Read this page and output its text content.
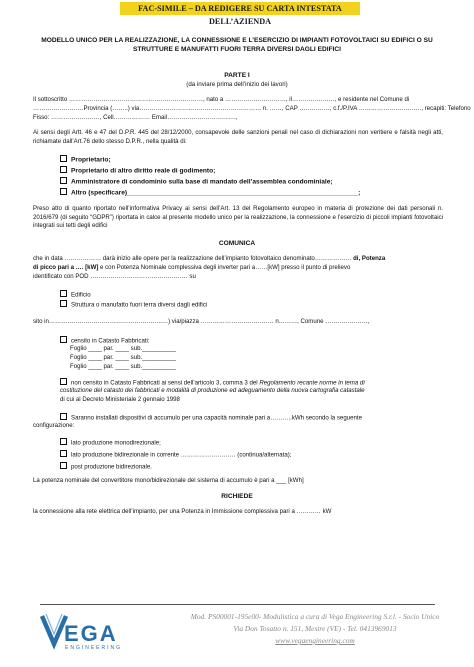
FAC-SIMILE – DA REDIGERE SU CARTA INTESTATA DELL’AZIENDA
MODELLO UNICO PER LA REALIZZAZIONE, LA CONNESSIONE E L’ESERCIZIO DI IMPIANTI FOTOVOLTAICI SU EDIFICI O SU
STRUTTURE E MANUFATTI FUORI TERRA DIVERSI DAGLI EDIFICI
PARTE I
(da inviare prima dell’inizio dei lavori)
Il sottoscritto …………………………………………………………, nato a …………………………, il…………………, e residente nel Comune di
…………………….Provincia (……..) via…………………………………………………… n. ……, CAP ……………, c.f./P.IVA …………………………., recapiti: Telefono
Fisso: ……………………, Cell……………… Email…………………………….,
Ai sensi degli Artt. 46 e 47 del D.P.R. 445 del 28/12/2000, consapevole delle sanzioni penali nel caso di dichiarazioni non veritiere e falsità negli atti, richiamate dall’Art.76 dello stesso D.P.R., nella qualità di:
Proprietario;
Proprietario di altro diritto reale di godimento;
Amministratore di condominio sulla base di mandato dell’assemblea condominiale;
Altro (specificare)_______________________________________________________________;
Preso atto di quanto riportato nell’informativa Privacy ai sensi dell’Art. 13 del Regolamento europeo in materia di protezione dei dati personali n. 2016/679 (di seguito “GDPR”) riportata in calce al presente modello unico per la realizzazione, la connessione e l’esercizio di piccoli impianti fotovoltaici integrati sui tetti degli edifici
COMUNICA
che in data ……………… darà inizio alle opere per la realizzazione dell’impianto fotovoltaico denominato……………… di, Potenza
di picco pari a …. [kW] e con Potenza Nominale complessiva degli inverter pari a……[kW] presso il punto di prelievo
identificato con POD ………………………………………… su
Edificio
Struttura o manufatto fuori terra diversi dagli edifici
sito in………………………………………………..…) via/piazza ……………………………… n………, Comune …………………,
censito in Catasto Fabbricati:
Foglio ____ par. ____ sub.__________
Foglio ____ par. ____ sub.__________
Foglio ____ par. ____ sub.__________
non censito in Catasto Fabbricati ai sensi dell’articolo 3, comma 3 del Regolamento recante norme in tema di
costituzione del catasto dei fabbricati e modalità di produzione ed adeguamento della nuova cartografia catastale
di cui al Decreto Ministeriale 2 gennaio 1998
Saranno installati dispositivi di accumulo per una capacità nominale pari a………..kWh secondo la seguente
configurazione:
lato produzione monodirezionale;
lato produzione bidirezionale in corrente ……………………… (continua/alternata);
post produzione bidirezionale.
La potenza nominale del convertitore mono/bidirezionale del sistema di accumulo è pari a ___ [kWh]
RICHIEDE
la connessione alla rete elettrica dell’impianto, per una Potenza in Immissione complessiva pari a ………… kW
EGA
ENGINEERING
Mod. PS00001-195e00- Modulistica a cura di Vega Engineering S.r.l. - Socio Unico
Via Don Tosatto n. 151, Mestre (VE) - Tel. 0413969013
www.vegaengineering.com
